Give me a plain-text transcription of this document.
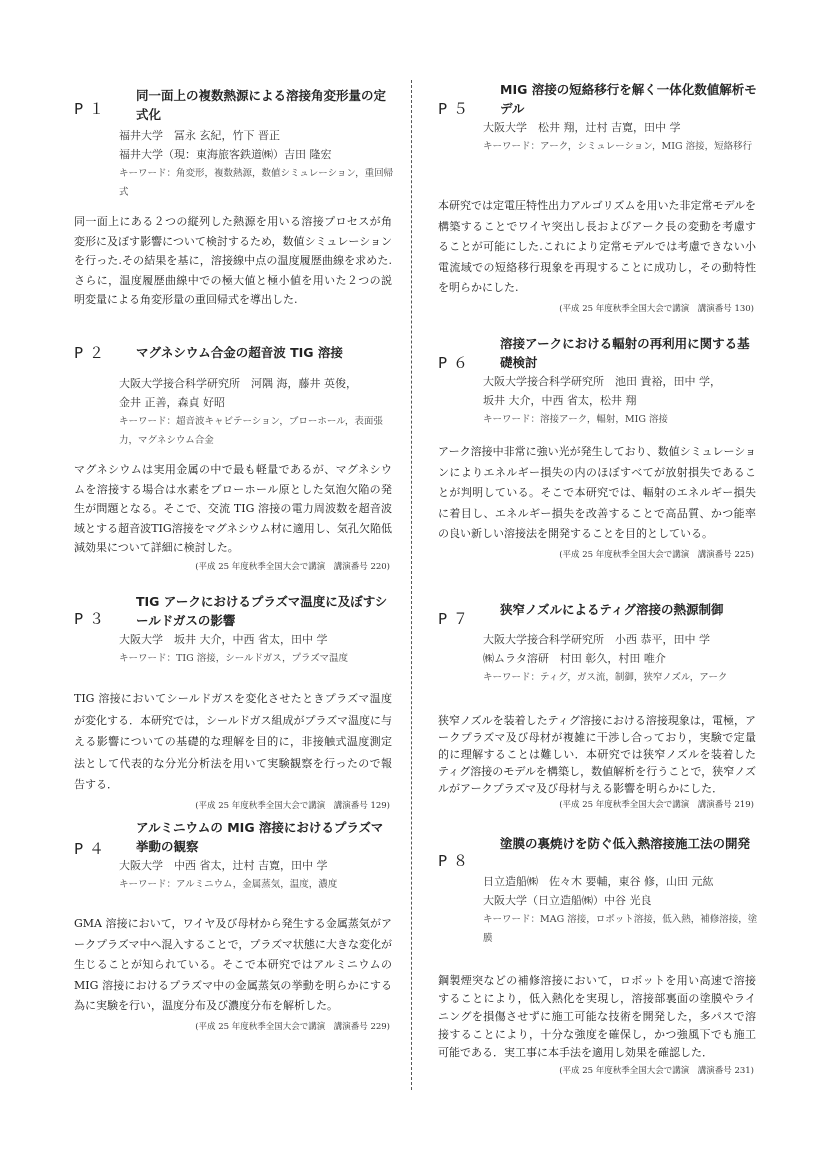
P１
同一面上の複数熱源による溶接角変形量の定式化
福井大学　冨永 玄紀，竹下 晋正
福井大学（現：東海旅客鉄道㈱）吉田 隆宏
キーワード：角変形，複数熱源，数値シミュレーション，重回帰式
同一面上にある２つの縦列した熱源を用いる溶接プロセスが角変形に及ぼす影響について検討するため，数値シミュレーションを行った.その結果を基に，溶接線中点の温度履歴曲線を求めた.さらに，温度履歴曲線中での極大値と極小値を用いた２つの説明変量による角変形量の重回帰式を導出した.
P２ マグネシウム合金の超音波 TIG 溶接
大阪大学接合科学研究所　河隅 海，藤井 英俊，
金井 正善，森貞 好昭
キーワード：超音波キャビテーション，ブローホール，表面張力，マグネシウム合金
マグネシウムは実用金属の中で最も軽量であるが、マグネシウムを溶接する場合は水素をブローホール原とした気泡欠陥の発生が問題となる。そこで、交流 TIG 溶接の電力周波数を超音波域とする超音波TIG溶接をマグネシウム材に適用し、気孔欠陥低減効果について詳細に検討した。
(平成 25 年度秋季全国大会で講演　講演番号 220)
P３
TIG アークにおけるプラズマ温度に及ぼすシールドガスの影響
大阪大学　坂井 大介，中西 省太，田中 学
キーワード：TIG 溶接，シールドガス，プラズマ温度
TIG 溶接においてシールドガスを変化させたときプラズマ温度が変化する．本研究では，シールドガス組成がプラズマ温度に与える影響についての基礎的な理解を目的に，非接触式温度測定法として代表的な分光分析法を用いて実験観察を行ったので報告する．
(平成 25 年度秋季全国大会で講演　講演番号 129)
P４
アルミニウムの MIG 溶接におけるプラズマ挙動の観察
大阪大学　中西 省太，辻村 吉寛，田中 学
キーワード：アルミニウム，金属蒸気，温度，濃度
GMA 溶接において，ワイヤ及び母材から発生する金属蒸気がアークプラズマ中へ混入することで，プラズマ状態に大きな変化が生じることが知られている。そこで本研究ではアルミニウムの MIG 溶接におけるプラズマ中の金属蒸気の挙動を明らかにする為に実験を行い，温度分布及び濃度分布を解析した。
(平成 25 年度秋季全国大会で講演　講演番号 229)
P５
MIG 溶接の短絡移行を解く一体化数値解析モデル
大阪大学　松井 翔，辻村 吉寛，田中 学
キーワード：アーク，シミュレーション，MIG 溶接，短絡移行
本研究では定電圧特性出力アルゴリズムを用いた非定常モデルを構築することでワイヤ突出し長およびアーク長の変動を考慮することが可能にした.これにより定常モデルでは考慮できない小電流域での短絡移行現象を再現することに成功し，その動特性を明らかにした.
(平成 25 年度秋季全国大会で講演　講演番号 130)
P６
溶接アークにおける輻射の再利用に関する基礎検討
大阪大学接合科学研究所　池田 貴裕，田中 学，
坂井 大介，中西 省太，松井 翔
キーワード：溶接アーク，輻射，MIG 溶接
アーク溶接中非常に強い光が発生しており、数値シミュレーションによりエネルギー損失の内のほぼすべてが放射損失であることが判明している。そこで本研究では、輻射のエネルギー損失に着目し、エネルギー損失を改善することで高品質、かつ能率の良い新しい溶接法を開発することを目的としている。
(平成 25 年度秋季全国大会で講演　講演番号 225)
P７
狭窄ノズルによるティグ溶接の熱源制御
大阪大学接合科学研究所　小西 恭平，田中 学
㈱ムラタ溶研　村田 彰久，村田 唯介
キーワード：ティグ，ガス流，制御，狭窄ノズル，アーク
狭窄ノズルを装着したティグ溶接における溶接現象は，電極，アークプラズマ及び母材が複雑に干渉し合っており，実験で定量的に理解することは難しい．本研究では狭窄ノズルを装着したティグ溶接のモデルを構築し，数値解析を行うことで，狭窄ノズルがアークプラズマ及び母材与える影響を明らかにした．
(平成 25 年度秋季全国大会で講演　講演番号 219)
P８
塗膜の裏焼けを防ぐ低入熱溶接施工法の開発
日立造船㈱　佐々木 要輔，東谷 修，山田 元紘
大阪大学（日立造船㈱）中谷 光良
キーワード：MAG 溶接，ロボット溶接，低入熱，補修溶接，塗膜
鋼製煙突などの補修溶接において，ロボットを用い高速で溶接することにより，低入熱化を実現し，溶接部裏面の塗膜やライニングを損傷させずに施工可能な技術を開発した，多パスで溶接することにより，十分な強度を確保し，かつ強風下でも施工可能である．実工事に本手法を適用し効果を確認した．
(平成 25 年度秋季全国大会で講演　講演番号 231)
